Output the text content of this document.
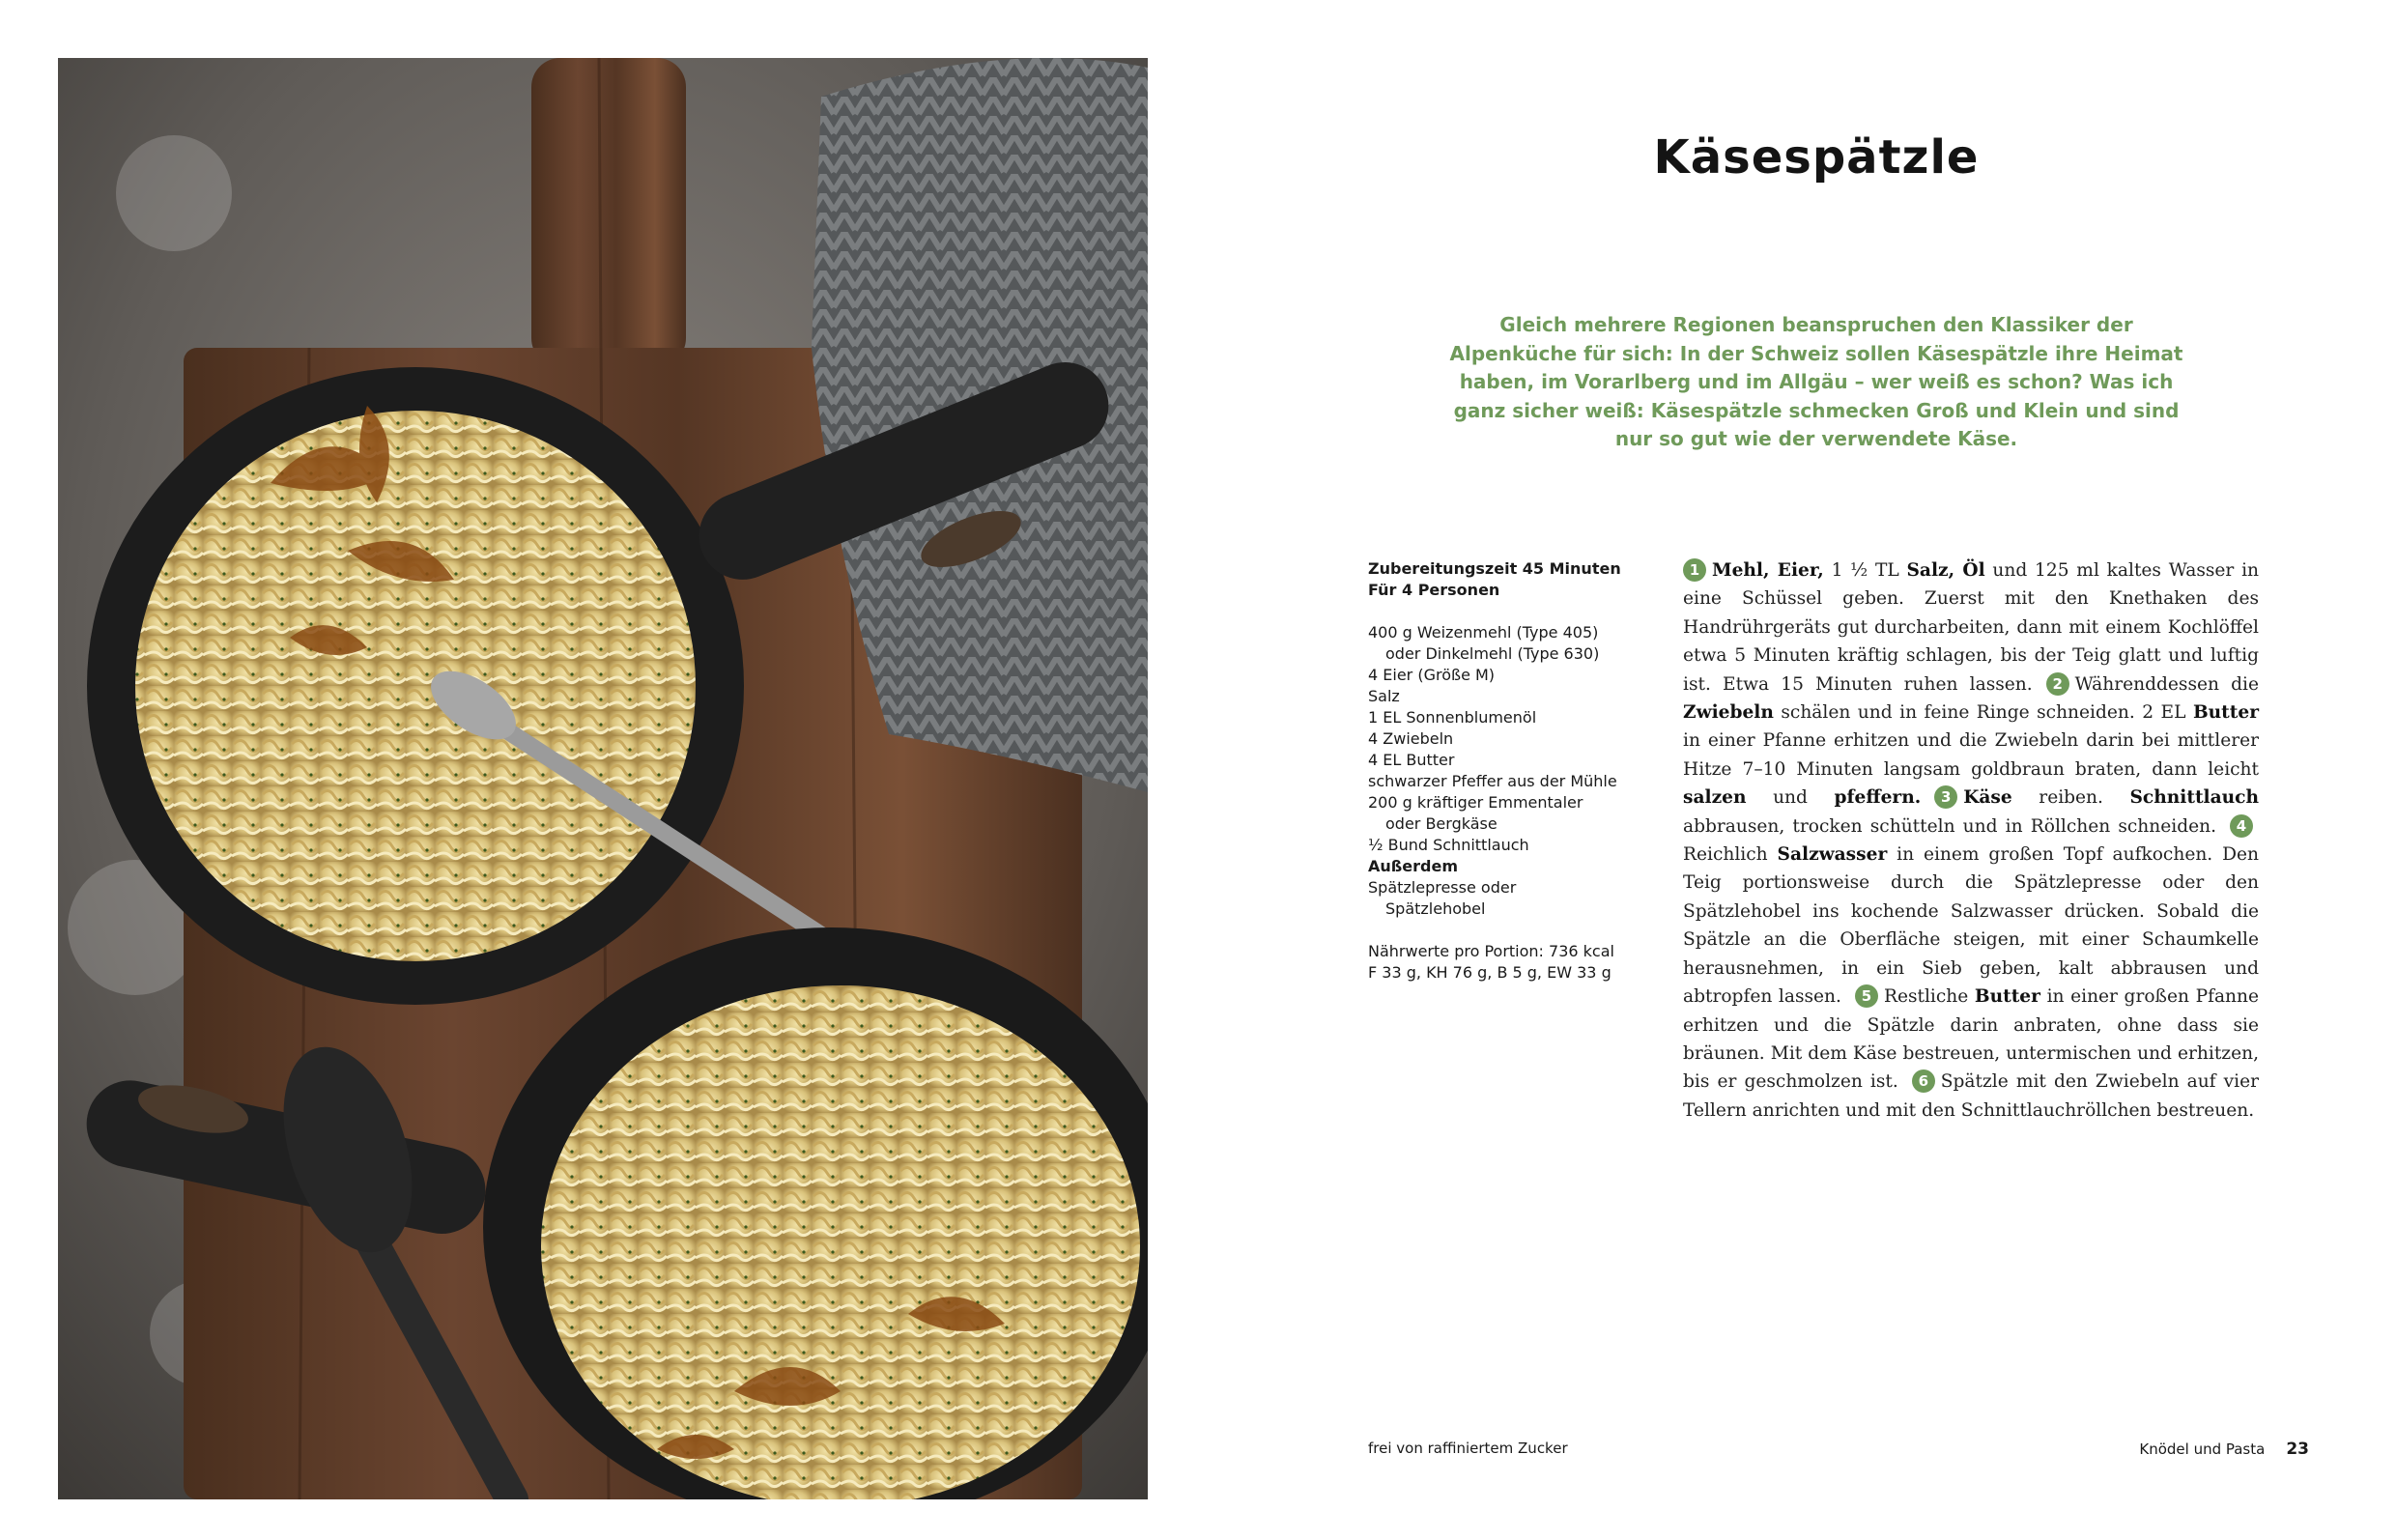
Käsespätzle
Gleich mehrere Regionen beanspruchen den Klassiker der Alpenküche für sich: In der Schweiz sollen Käsespätzle ihre Heimat haben, im Vorarlberg und im Allgäu – wer weiß es schon? Was ich ganz sicher weiß: Käsespätzle schmecken Groß und Klein und sind nur so gut wie der verwendete Käse.
Zubereitungszeit 45 Minuten
Für 4 Personen
400 g Weizenmehl (Type 405)
oder Dinkelmehl (Type 630)
4 Eier (Größe M)
Salz
1 EL Sonnenblumenöl
4 Zwiebeln
4 EL Butter
schwarzer Pfeffer aus der Mühle
200 g kräftiger Emmentaler
oder Bergkäse
½ Bund Schnittlauch
Außerdem
Spätzlepresse oder
Spätzlehobel
Nährwerte pro Portion: 736 kcal
F 33 g, KH 76 g, B 5 g, EW 33 g
1 Mehl, Eier, 1 ½ TL Salz, Öl und 125 ml kaltes Wasser in eine Schüssel geben. Zuerst mit den Knethaken des Handrührgeräts gut durcharbeiten, dann mit einem Kochlöffel etwa 5 Minuten kräftig schlagen, bis der Teig glatt und luftig ist. Etwa 15 Minuten ruhen lassen. 2 Währenddessen die Zwiebeln schälen und in feine Ringe schneiden. 2 EL Butter in einer Pfanne erhitzen und die Zwiebeln darin bei mittlerer Hitze 7–10 Minuten langsam goldbraun braten, dann leicht salzen und pfeffern. 3 Käse reiben. Schnittlauch abbrausen, trocken schütteln und in Röllchen schneiden. 4Reichlich Salzwasser in einem großen Topf aufkochen. Den Teig portionsweise durch die Spätzlepresse oder den Spätzlehobel ins kochende Salzwasser drücken. Sobald die Spätzle an die Oberfläche steigen, mit einer Schaumkelle herausnehmen, in ein Sieb geben, kalt abbrausen und abtropfen lassen. 5 Restliche Butter in einer großen Pfanne erhitzen und die Spätzle darin anbraten, ohne dass sie bräunen. Mit dem Käse bestreuen, untermischen und erhitzen, bis er geschmolzen ist. 6 Spätzle mit den Zwiebeln auf vier Tellern anrichten und mit den Schnittlauchröllchen bestreuen.
frei von raffiniertem Zucker	Knödel und Pasta 23
